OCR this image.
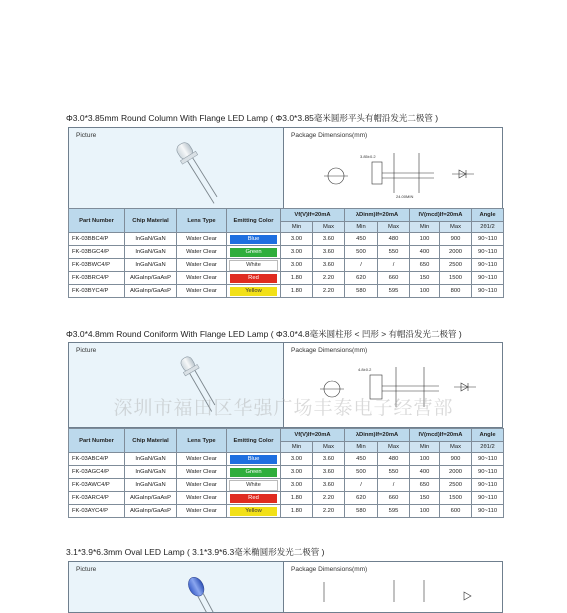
Φ3.0*3.85mm Round Column With Flange LED Lamp ( Φ3.0*3.85毫米圆形平头有帽沿发光二极管 )
Picture	Package Dimensions(mm)
3.85±0.2
24.00MIN
Part Number	Chip Material	Lens Type	Emitting Color	Vf(V)If=20mA		λDinm)If=20mA		IV(mcd)If=20mA		Angle
				Min	Max	Min	Max	Min	Max	2θ1/2
FK-03BBC4/P	InGaN/GaN	Water Clear	Blue	3.00	3.60	450	480	100	900	90~110
FK-03BGC4/P	InGaN/GaN	Water Clear	Green	3.00	3.60	500	550	400	2000	90~110
FK-03BWC4/P	InGaN/GaN	Water Clear	White	3.00	3.60	/	/	650	2500	90~110
FK-03BRC4/P	AlGaInp/GaAsP	Water Clear	Red	1.80	2.20	620	660	150	1500	90~110
FK-03BYC4/P	AlGaInp/GaAsP	Water Clear	Yellow	1.80	2.20	580	595	100	800	90~110
Φ3.0*4.8mm Round Coniform With Flange LED Lamp ( Φ3.0*4.8毫米圆柱形 < 凹形 > 有帽沿发光二极管 )
Picture	Package Dimensions(mm)
4.8±0.2
深圳市福田区华强广场丰泰电子经营部
Part Number	Chip Material	Lens Type	Emitting Color	Vf(V)If=20mA		λDinm)If=20mA		IV(mcd)If=20mA		Angle
				Min	Max	Min	Max	Min	Max	2θ1/2
FK-03ABC4/P	InGaN/GaN	Water Clear	Blue	3.00	3.60	450	480	100	900	90~110
FK-03AGC4/P	InGaN/GaN	Water Clear	Green	3.00	3.60	500	550	400	2000	90~110
FK-03AWC4/P	InGaN/GaN	Water Clear	White	3.00	3.60	/	/	650	2500	90~110
FK-03ARC4/P	AlGaInp/GaAsP	Water Clear	Red	1.80	2.20	620	660	150	1500	90~110
FK-03AYC4/P	AlGaInp/GaAsP	Water Clear	Yellow	1.80	2.20	580	595	100	600	90~110
3.1*3.9*6.3mm Oval LED Lamp ( 3.1*3.9*6.3毫米椭圆形发光二极管 )
Picture	Package Dimensions(mm)
